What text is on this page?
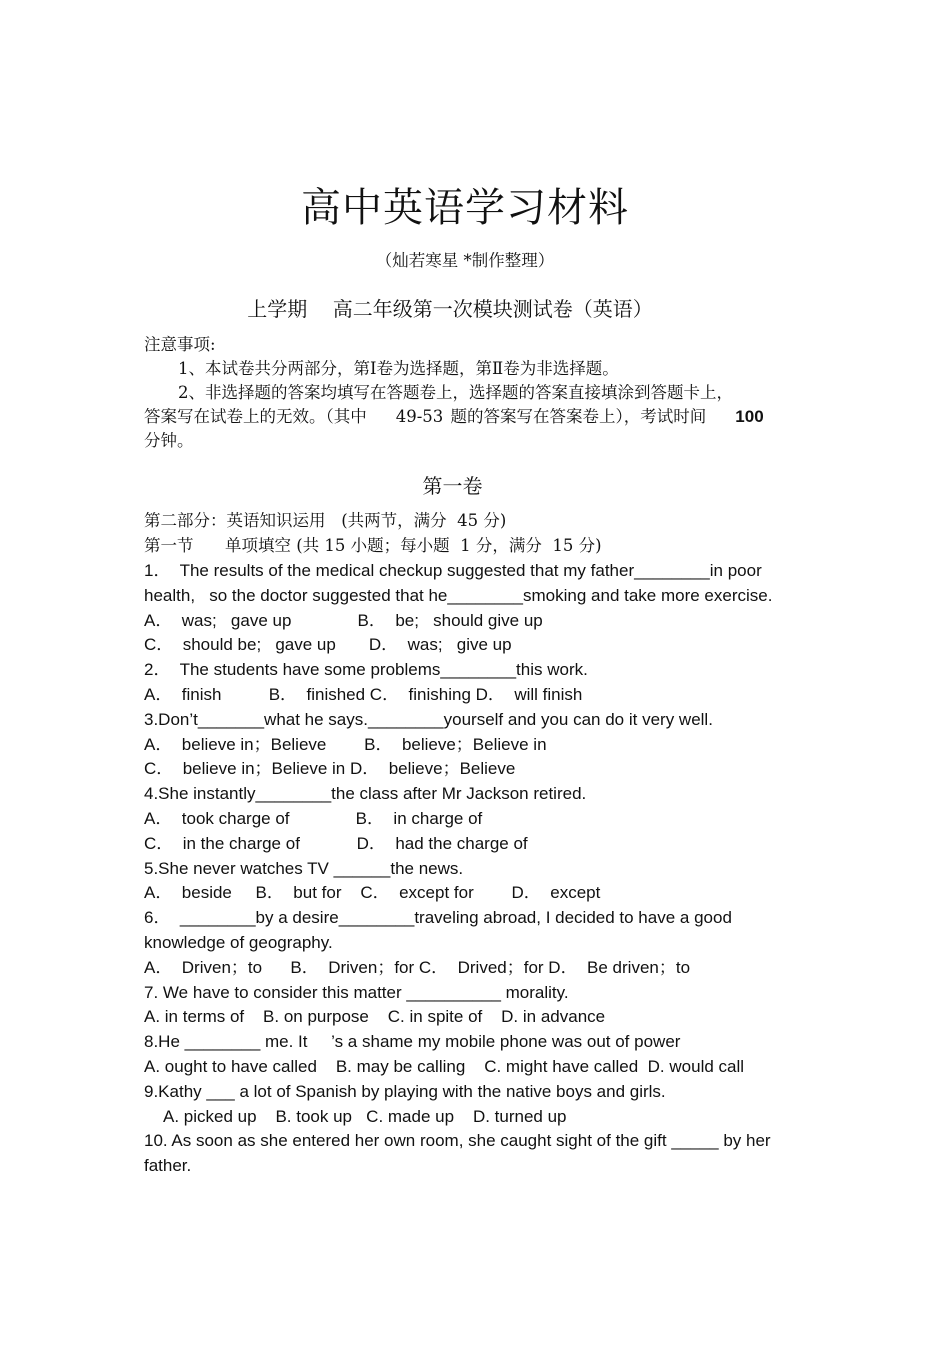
高中英语学习材料
（灿若寒星 *制作整理）
上学期    高二年级第一次模块测试卷（英语）

注意事项:

1、本试卷共分两部分，第Ⅰ卷为选择题，第Ⅱ卷为非选择题。

2、非选择题的答案均填写在答题卷上，选择题的答案直接填涂到答题卡上，

答案写在试卷上的无效。（其中    49-53 题的答案写在答案卷上），考试时间    100

分钟。

第一卷

第二部分：英语知识运用   (共两节，满分  45 分)

第一节      单项填空 (共 15 小题；每小题  1 分，满分  15 分)

1．  The results of the medical checkup suggested that my father________in poor

health,   so the doctor suggested that he________smoking and take more exercise.

A．  was;   gave up              B．  be;   should give up

C．  should be;   gave up       D．  was;   give up

2．  The students have some problems________this work.

A．  finish          B．  finished C．  finishing D．  will finish

3.Don’t_______what he says.________yourself and you can do it very well.

A．  believe in；Believe        B．  believe；Believe in

C．  believe in；Believe in D．  believe；Believe

4.She instantly________the class after Mr Jackson retired.

A．  took charge of              B．  in charge of

C．  in the charge of            D．  had the charge of

5.She never watches TV ______the news.

A．  beside     B．  but for    C．  except for        D．  except

6．  ________by a desire________traveling abroad, I decided to have a good

knowledge of geography.

A．  Driven；to      B．  Driven；for C．  Drived；for D．  Be driven；to

7. We have to consider this matter __________ morality.

A. in terms of    B. on purpose    C. in spite of    D. in advance

8.He ________ me. It     ’s a shame my mobile phone was out of power

A. ought to have called    B. may be calling    C. might have called  D. would call

9.Kathy ___ a lot of Spanish by playing with the native boys and girls.

A. picked up    B. took up   C. made up    D. turned up

10. As soon as she entered her own room, she caught sight of the gift _____ by her

father.
